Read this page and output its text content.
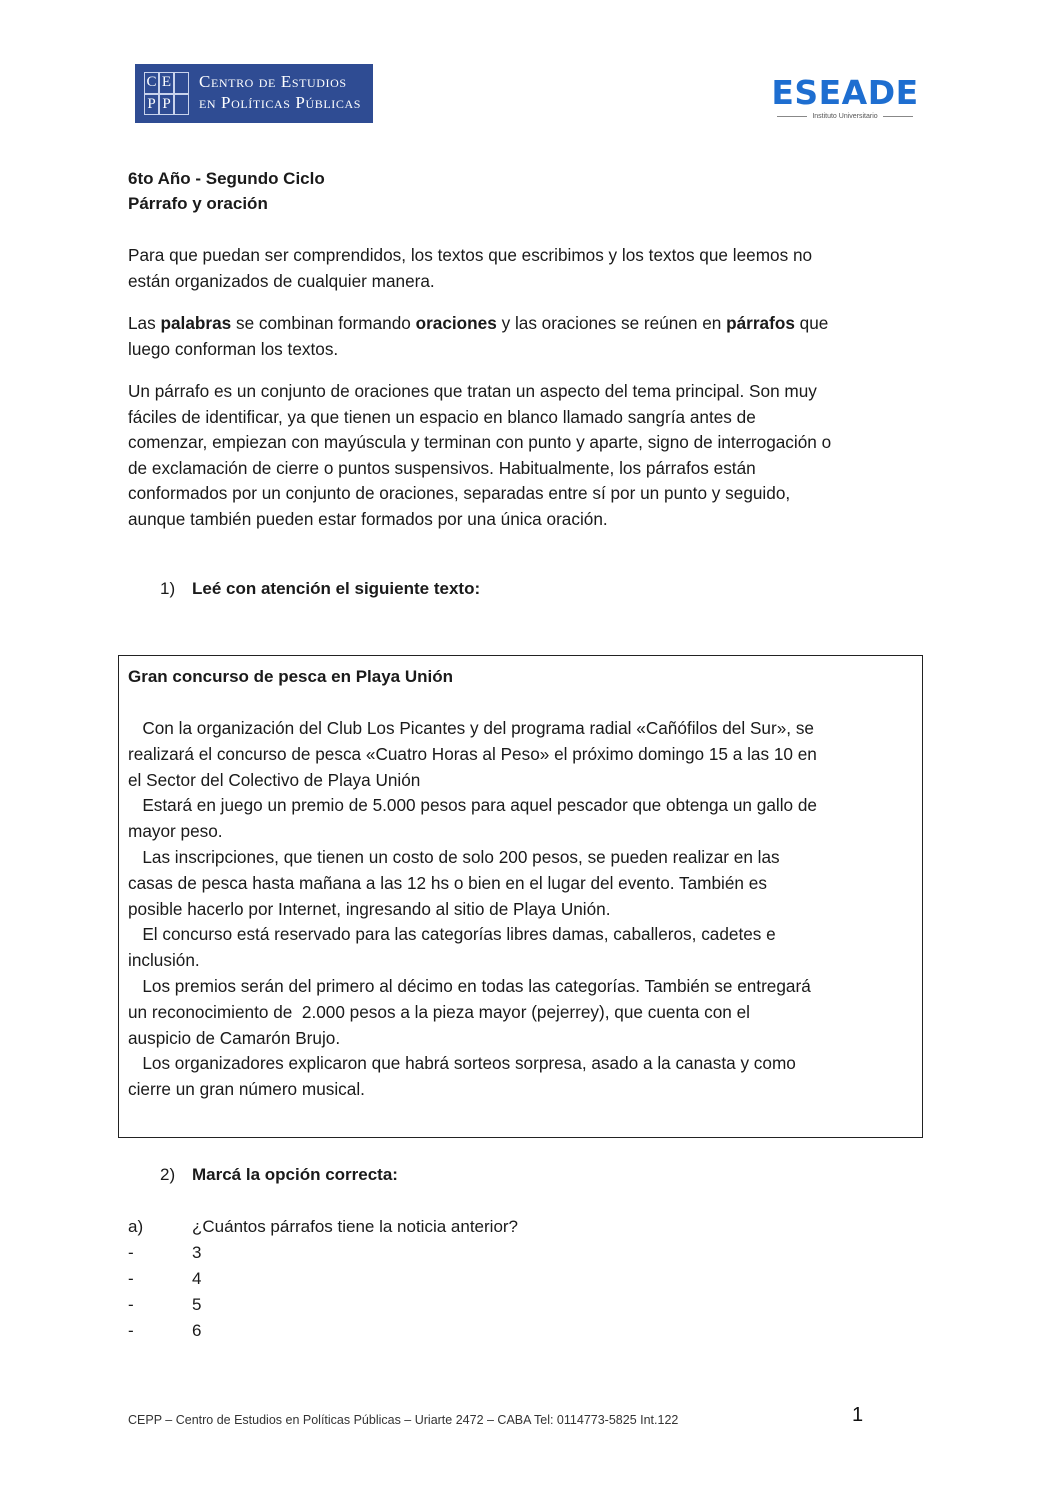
C E
P P
Centro de Estudios
en Políticas Públicas	ESEADE
Instituto Universitario
6to Año - Segundo Ciclo
Párrafo y oración
Para que puedan ser comprendidos, los textos que escribimos y los textos que leemos no
están organizados de cualquier manera.
Las palabras se combinan formando oraciones y las oraciones se reúnen en párrafos que
luego conforman los textos.
Un párrafo es un conjunto de oraciones que tratan un aspecto del tema principal. Son muy
fáciles de identificar, ya que tienen un espacio en blanco llamado sangría antes de
comenzar, empiezan con mayúscula y terminan con punto y aparte, signo de interrogación o
de exclamación de cierre o puntos suspensivos. Habitualmente, los párrafos están
conformados por un conjunto de oraciones, separadas entre sí por un punto y seguido,
aunque también pueden estar formados por una única oración.
1) Leé con atención el siguiente texto:
Gran concurso de pesca en Playa Unión
Con la organización del Club Los Picantes y del programa radial «Cañófilos del Sur», se
realizará el concurso de pesca «Cuatro Horas al Peso» el próximo domingo 15 a las 10 en
el Sector del Colectivo de Playa Unión
Estará en juego un premio de 5.000 pesos para aquel pescador que obtenga un gallo de
mayor peso.
Las inscripciones, que tienen un costo de solo 200 pesos, se pueden realizar en las
casas de pesca hasta mañana a las 12 hs o bien en el lugar del evento. También es
posible hacerlo por Internet, ingresando al sitio de Playa Unión.
El concurso está reservado para las categorías libres damas, caballeros, cadetes e
inclusión.
Los premios serán del primero al décimo en todas las categorías. También se entregará
un reconocimiento de  2.000 pesos a la pieza mayor (pejerrey), que cuenta con el
auspicio de Camarón Brujo.
Los organizadores explicaron que habrá sorteos sorpresa, asado a la canasta y como
cierre un gran número musical.
2) Marcá la opción correcta:
a)	¿Cuántos párrafos tiene la noticia anterior?
-	3
-	4
-	5
-	6
CEPP – Centro de Estudios en Políticas Públicas – Uriarte 2472 – CABA Tel: 0114773-5825 Int.122	1
